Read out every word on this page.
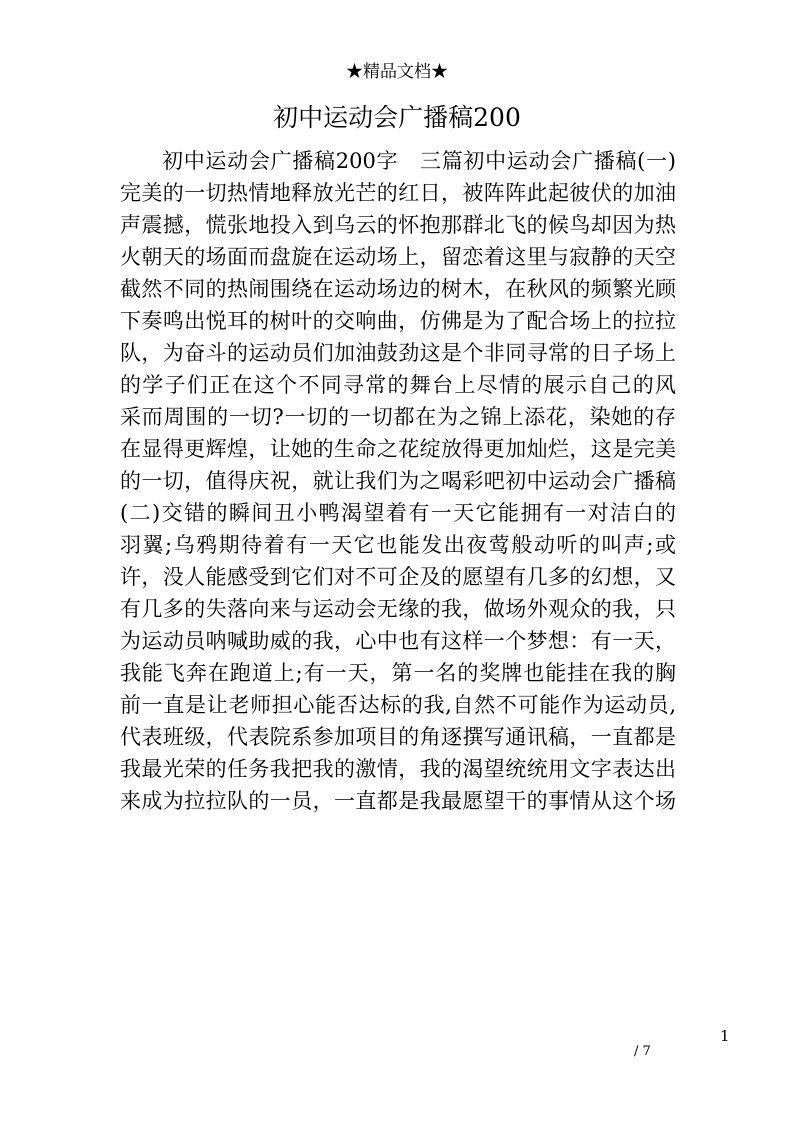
★精品文档★
初中运动会广播稿200
初中运动会广播稿200字　三篇初中运动会广播稿(一)
完美的一切热情地释放光芒的红日，被阵阵此起彼伏的加油
声震撼，慌张地投入到乌云的怀抱那群北飞的候鸟却因为热
火朝天的场面而盘旋在运动场上，留恋着这里与寂静的天空
截然不同的热闹围绕在运动场边的树木，在秋风的频繁光顾
下奏鸣出悦耳的树叶的交响曲，仿佛是为了配合场上的拉拉
队，为奋斗的运动员们加油鼓劲这是个非同寻常的日子场上
的学子们正在这个不同寻常的舞台上尽情的展示自己的风
采而周围的一切?一切的一切都在为之锦上添花，染她的存
在显得更辉煌，让她的生命之花绽放得更加灿烂，这是完美
的一切，值得庆祝，就让我们为之喝彩吧初中运动会广播稿
(二)交错的瞬间丑小鸭渴望着有一天它能拥有一对洁白的
羽翼;乌鸦期待着有一天它也能发出夜莺般动听的叫声;或
许，没人能感受到它们对不可企及的愿望有几多的幻想，又
有几多的失落向来与运动会无缘的我，做场外观众的我，只
为运动员呐喊助威的我，心中也有这样一个梦想：有一天，
我能飞奔在跑道上;有一天，第一名的奖牌也能挂在我的胸
前一直是让老师担心能否达标的我,自然不可能作为运动员,
代表班级，代表院系参加项目的角逐撰写通讯稿，一直都是
我最光荣的任务我把我的激情，我的渴望统统用文字表达出
来成为拉拉队的一员，一直都是我最愿望干的事情从这个场
1
/ 7
